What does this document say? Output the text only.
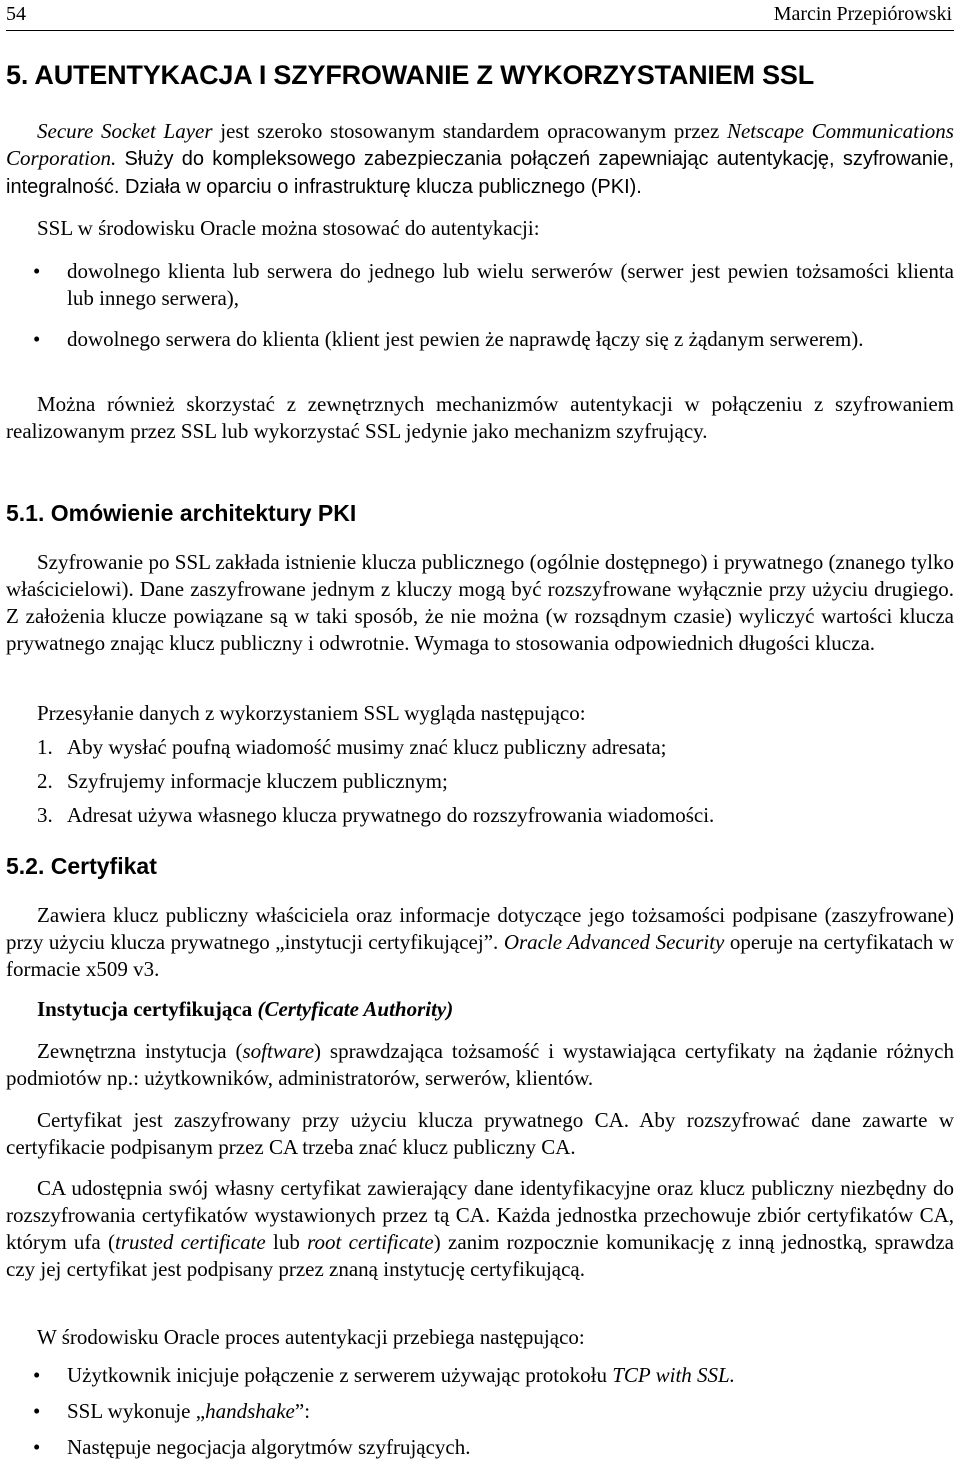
54	Marcin Przepiórowski
5. AUTENTYKACJA I SZYFROWANIE Z WYKORZYSTANIEM SSL

Secure Socket Layer jest szeroko stosowanym standardem opracowanym przez Netscape Communications Corporation. Służy do kompleksowego zabezpieczania połączeń zapewniając autentykację, szyfrowanie, integralność. Działa w oparciu o infrastrukturę klucza publicznego (PKI).

SSL w środowisku Oracle można stosować do autentykacji:

• dowolnego klienta lub serwera do jednego lub wielu serwerów (serwer jest pewien tożsamości klienta lub innego serwera),
• dowolnego serwera do klienta (klient jest pewien że naprawdę łączy się z żądanym serwerem).

Można również skorzystać z zewnętrznych mechanizmów autentykacji w połączeniu z szyfrowaniem realizowanym przez SSL lub wykorzystać SSL jedynie jako mechanizm szyfrujący.

5.1. Omówienie architektury PKI

Szyfrowanie po SSL zakłada istnienie klucza publicznego (ogólnie dostępnego) i prywatnego (znanego tylko właścicielowi). Dane zaszyfrowane jednym z kluczy mogą być rozszyfrowane wyłącznie przy użyciu drugiego. Z założenia klucze powiązane są w taki sposób, że nie można (w rozsądnym czasie) wyliczyć wartości klucza prywatnego znając klucz publiczny i odwrotnie. Wymaga to stosowania odpowiednich długości klucza.

Przesyłanie danych z wykorzystaniem SSL wygląda następująco:

1. Aby wysłać poufną wiadomość musimy znać klucz publiczny adresata;
2. Szyfrujemy informacje kluczem publicznym;
3. Adresat używa własnego klucza prywatnego do rozszyfrowania wiadomości.
5.2. Certyfikat

Zawiera klucz publiczny właściciela oraz informacje dotyczące jego tożsamości podpisane (zaszyfrowane) przy użyciu klucza prywatnego „instytucji certyfikującej”. Oracle Advanced Security operuje na certyfikatach w formacie x509 v3.

Instytucja certyfikująca (Certyficate Authority)

Zewnętrzna instytucja (software) sprawdzająca tożsamość i wystawiająca certyfikaty na żądanie różnych podmiotów np.: użytkowników, administratorów, serwerów, klientów.

Certyfikat jest zaszyfrowany przy użyciu klucza prywatnego CA. Aby rozszyfrować dane zawarte w certyfikacie podpisanym przez CA trzeba znać klucz publiczny CA.

CA udostępnia swój własny certyfikat zawierający dane identyfikacyjne oraz klucz publiczny niezbędny do rozszyfrowania certyfikatów wystawionych przez tą CA. Każda jednostka przechowuje zbiór certyfikatów CA, którym ufa (trusted certificate lub root certificate) zanim rozpocznie komunikację z inną jednostką, sprawdza czy jej certyfikat jest podpisany przez znaną instytucję certyfikującą.

W środowisku Oracle proces autentykacji przebiega następująco:

• Użytkownik inicjuje połączenie z serwerem używając protokołu TCP with SSL.
• SSL wykonuje „handshake”:
• Następuje negocjacja algorytmów szyfrujących.
